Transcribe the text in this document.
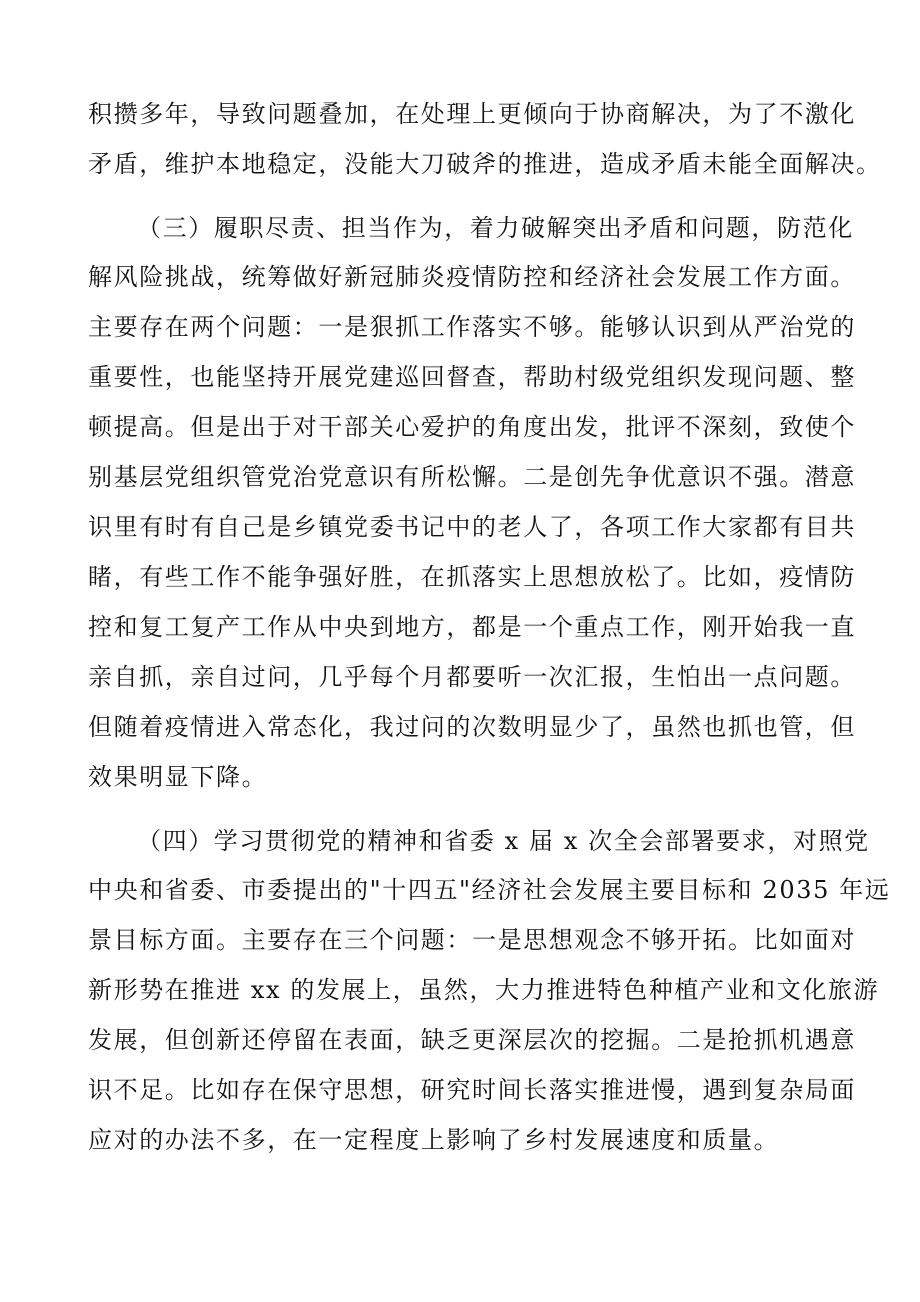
积攒多年，导致问题叠加，在处理上更倾向于协商解决，为了不激化
矛盾，维护本地稳定，没能大刀破斧的推进，造成矛盾未能全面解决。
（三）履职尽责、担当作为，着力破解突出矛盾和问题，防范化
解风险挑战，统筹做好新冠肺炎疫情防控和经济社会发展工作方面。
主要存在两个问题：一是狠抓工作落实不够。能够认识到从严治党的
重要性，也能坚持开展党建巡回督查，帮助村级党组织发现问题、整
顿提高。但是出于对干部关心爱护的角度出发，批评不深刻，致使个
别基层党组织管党治党意识有所松懈。二是创先争优意识不强。潜意
识里有时有自己是乡镇党委书记中的老人了，各项工作大家都有目共
睹，有些工作不能争强好胜，在抓落实上思想放松了。比如，疫情防
控和复工复产工作从中央到地方，都是一个重点工作，刚开始我一直
亲自抓，亲自过问，几乎每个月都要听一次汇报，生怕出一点问题。
但随着疫情进入常态化，我过问的次数明显少了，虽然也抓也管，但
效果明显下降。
（四）学习贯彻党的精神和省委 x 届 x 次全会部署要求，对照党
中央和省委、市委提出的"十四五"经济社会发展主要目标和 2035 年远
景目标方面。主要存在三个问题：一是思想观念不够开拓。比如面对
新形势在推进 xx 的发展上，虽然，大力推进特色种植产业和文化旅游
发展，但创新还停留在表面，缺乏更深层次的挖掘。二是抢抓机遇意
识不足。比如存在保守思想，研究时间长落实推进慢，遇到复杂局面
应对的办法不多，在一定程度上影响了乡村发展速度和质量。
